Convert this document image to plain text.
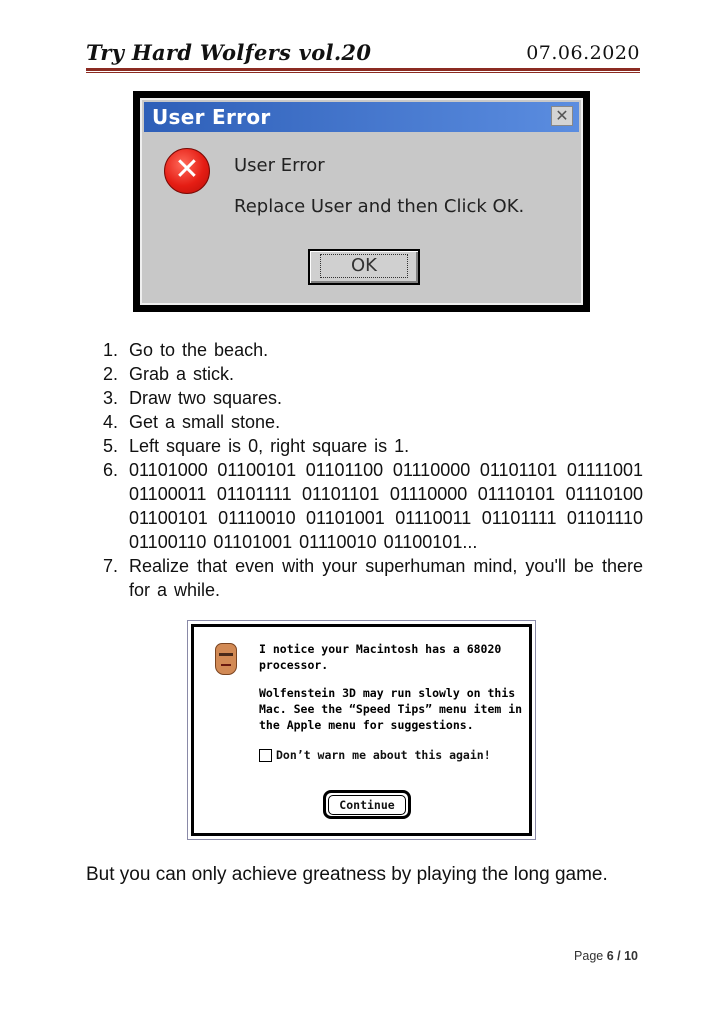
Try Hard Wolfers vol.20	07.06.2020
User Error	✕
✕	User Error
Replace User and then Click OK.
OK
1. Go to the beach.
2. Grab a stick.
3. Draw two squares.
4. Get a small stone.
5. Left square is 0, right square is 1.
6. 01101000 01100101 01101100 01110000 01101101 01111001 01100011 01101111 01101101 01110000 01110101 01110100 01100101 01110010 01101001 01110011 01101111 01101110 01100110 01101001 01110010 01100101...
7. Realize that even with your superhuman mind, you'll be there for a while.
I notice your Macintosh has a 68020 processor.
Wolfenstein 3D may run slowly on this Mac. See the “Speed Tips” menu item in the Apple menu for suggestions.
Don’t warn me about this again!
Continue
But you can only achieve greatness by playing the long game.
Page 6 / 10
